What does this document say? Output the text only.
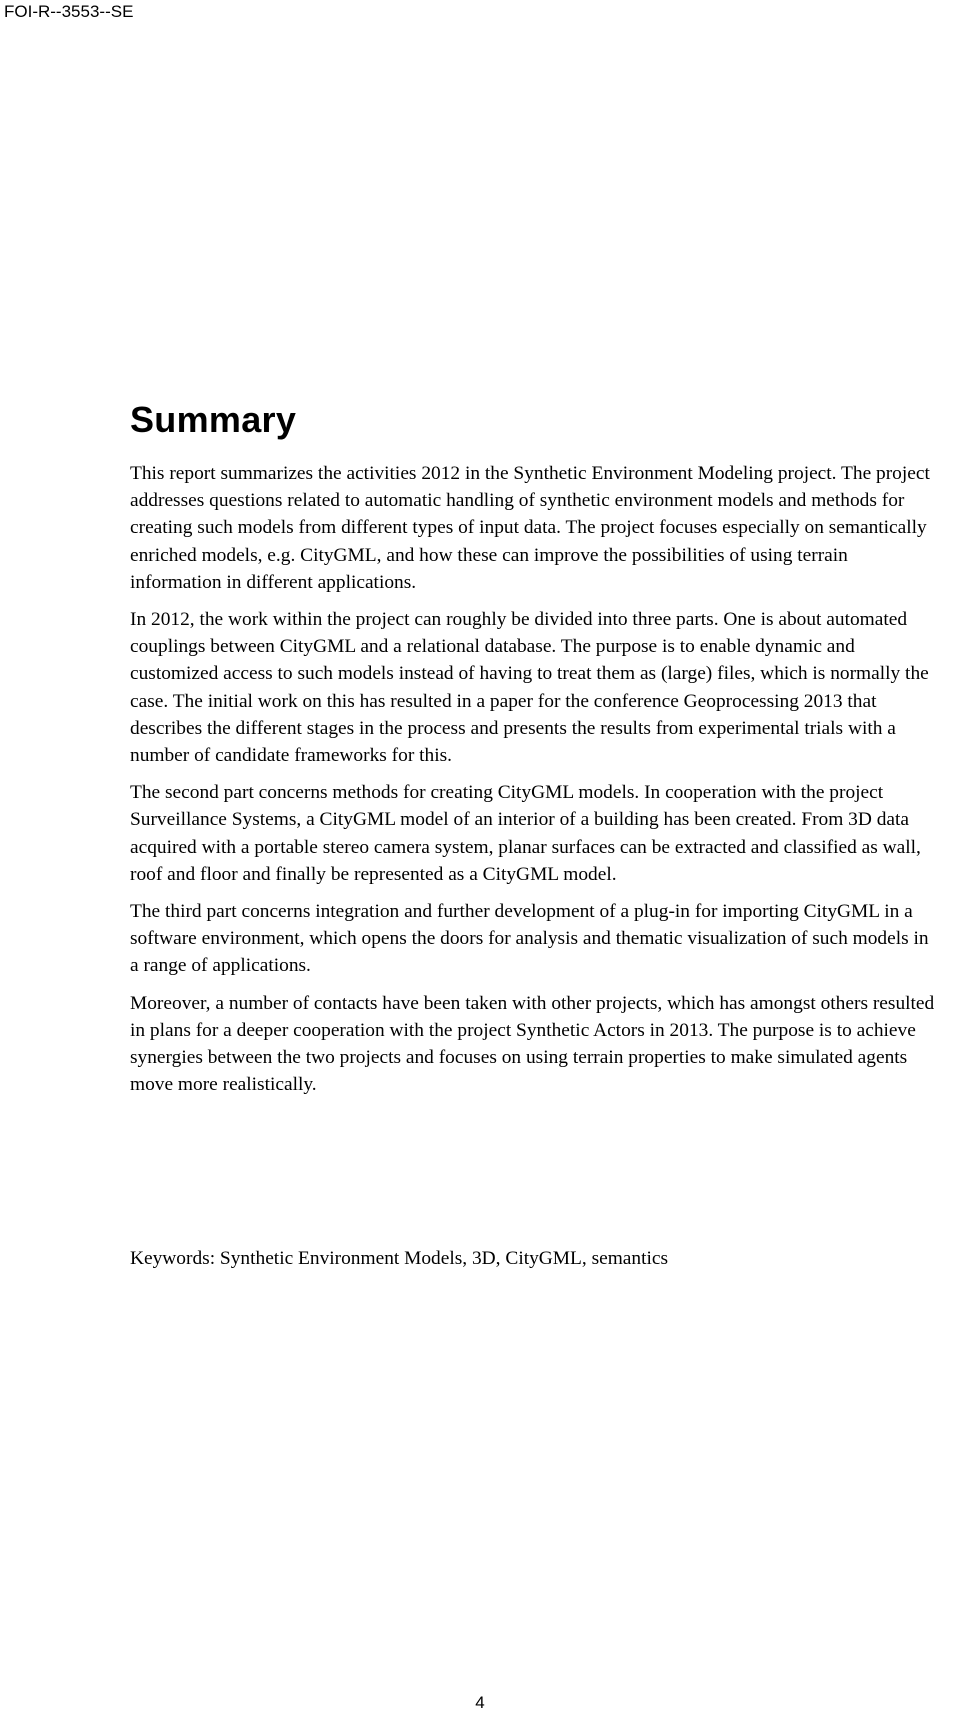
FOI-R--3553--SE
Summary

This report summarizes the activities 2012 in the Synthetic Environment Modeling project. The project addresses questions related to automatic handling of synthetic environment models and methods for creating such models from different types of input data. The project focuses especially on semantically enriched models, e.g. CityGML, and how these can improve the possibilities of using terrain information in different applications.

In 2012, the work within the project can roughly be divided into three parts. One is about automated couplings between CityGML and a relational database. The purpose is to enable dynamic and customized access to such models instead of having to treat them as (large) files, which is normally the case. The initial work on this has resulted in a paper for the conference Geoprocessing 2013 that describes the different stages in the process and presents the results from experimental trials with a number of candidate frameworks for this.

The second part concerns methods for creating CityGML models. In cooperation with the project Surveillance Systems, a CityGML model of an interior of a building has been created. From 3D data acquired with a portable stereo camera system, planar surfaces can be extracted and classified as wall, roof and floor and finally be represented as a CityGML model.

The third part concerns integration and further development of a plug-in for importing CityGML in a software environment, which opens the doors for analysis and thematic visualization of such models in a range of applications.

Moreover, a number of contacts have been taken with other projects, which has amongst others resulted in plans for a deeper cooperation with the project Synthetic Actors in 2013. The purpose is to achieve synergies between the two projects and focuses on using terrain properties to make simulated agents move more realistically.

Keywords: Synthetic Environment Models, 3D, CityGML, semantics
4
